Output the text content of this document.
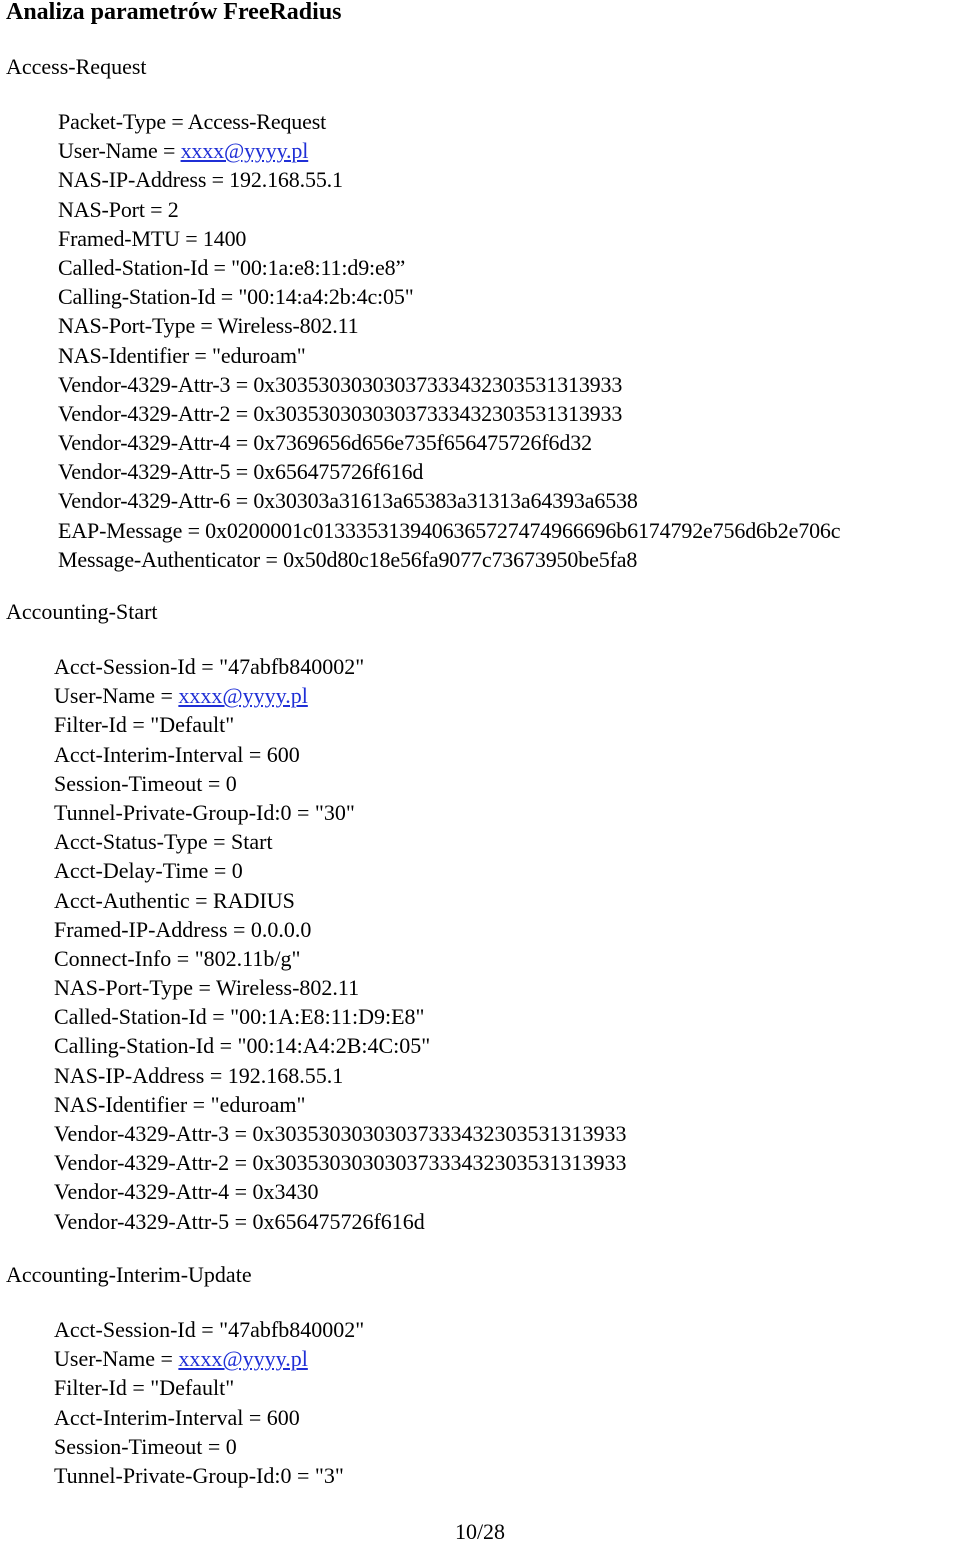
Analiza parametrów FreeRadius
Access-Request
Packet-Type = Access-Request
User-Name = xxxx@yyyy.pl
NAS-IP-Address = 192.168.55.1
NAS-Port = 2
Framed-MTU = 1400
Called-Station-Id = "00:1a:e8:11:d9:e8”
Calling-Station-Id = "00:14:a4:2b:4c:05"
NAS-Port-Type = Wireless-802.11
NAS-Identifier = "eduroam"
Vendor-4329-Attr-3 = 0x30353030303037333432303531313933
Vendor-4329-Attr-2 = 0x30353030303037333432303531313933
Vendor-4329-Attr-4 = 0x7369656d656e735f656475726f6d32
Vendor-4329-Attr-5 = 0x656475726f616d
Vendor-4329-Attr-6 = 0x30303a31613a65383a31313a64393a6538
EAP-Message = 0x0200001c0133353139406365727474966696b6174792e756d6b2e706c
Message-Authenticator = 0x50d80c18e56fa9077c73673950be5fa8
Accounting-Start
Acct-Session-Id = "47abfb840002"
User-Name = xxxx@yyyy.pl
Filter-Id = "Default"
Acct-Interim-Interval = 600
Session-Timeout = 0
Tunnel-Private-Group-Id:0 = "30"
Acct-Status-Type = Start
Acct-Delay-Time = 0
Acct-Authentic = RADIUS
Framed-IP-Address = 0.0.0.0
Connect-Info = "802.11b/g"
NAS-Port-Type = Wireless-802.11
Called-Station-Id = "00:1A:E8:11:D9:E8"
Calling-Station-Id = "00:14:A4:2B:4C:05"
NAS-IP-Address = 192.168.55.1
NAS-Identifier = "eduroam"
Vendor-4329-Attr-3 = 0x30353030303037333432303531313933
Vendor-4329-Attr-2 = 0x30353030303037333432303531313933
Vendor-4329-Attr-4 = 0x3430
Vendor-4329-Attr-5 = 0x656475726f616d
Accounting-Interim-Update
Acct-Session-Id = "47abfb840002"
User-Name = xxxx@yyyy.pl
Filter-Id = "Default"
Acct-Interim-Interval = 600
Session-Timeout = 0
Tunnel-Private-Group-Id:0 = "3"
10/28
